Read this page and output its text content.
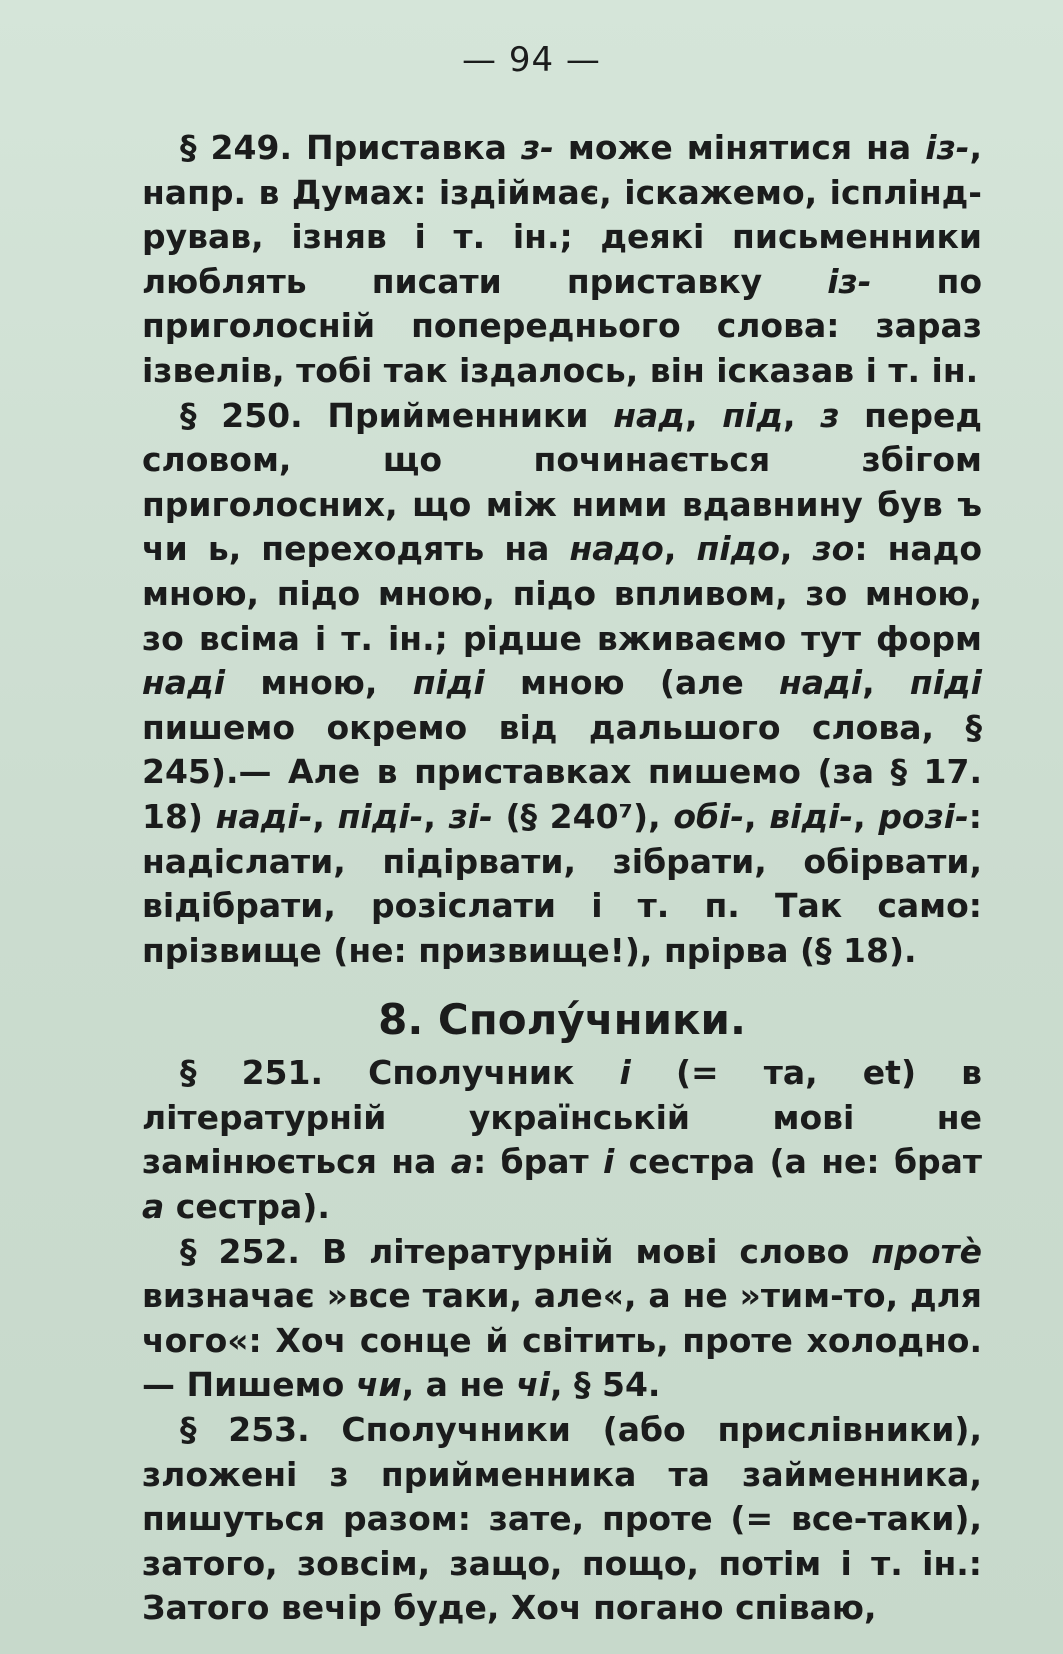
— 94 —

§ 249. Приставка з- може мінятися на із-, напр. в Думах: іздіймає, іскажемо, іспліндрував, ізняв і т. ін.; деякі письменники люблять писати приставку із- по приголосній попереднього слова: зараз ізвелів, тобі так іздалось, він ісказав і т. ін.

§ 250. Прийменники над, під, з перед словом, що починається збігом приголосних, що між ними вдавнину був ъ чи ь, переходять на надо, підо, зо: надо мною, підо мною, підо впливом, зо мною, зо всіма і т. ін.; рідше вживаємо тут форм наді мною, піді мною (але наді, піді пишемо окремо від дальшого слова, § 245).— Але в приставках пишемо (за § 17. 18) наді-, піді-, зі- (§ 240⁷), обі-, віді-, розі-: надіслати, підірвати, зібрати, обірвати, відібрати, розіслати і т. п. Так само: прізвище (не: призвище!), прірва (§ 18).

8. Сполу́чники.

§ 251. Сполучник і (= та, et) в літературній українській мові не замінюється на а: брат і сестра (а не: брат а сестра).

§ 252. В літературній мові слово протѐ визначає »все таки, але«, а не »тим-то, для чого«: Хоч сонце й світить, проте холодно. — Пишемо чи, а не чі, § 54.

§ 253. Сполучники (або прислівники), зложені з прийменника та займенника, пишуться разом: зате, проте (= все-таки), затого, зовсім, защо, пощо, потім і т. ін.: Затого вечір буде, Хоч погано співаю,
